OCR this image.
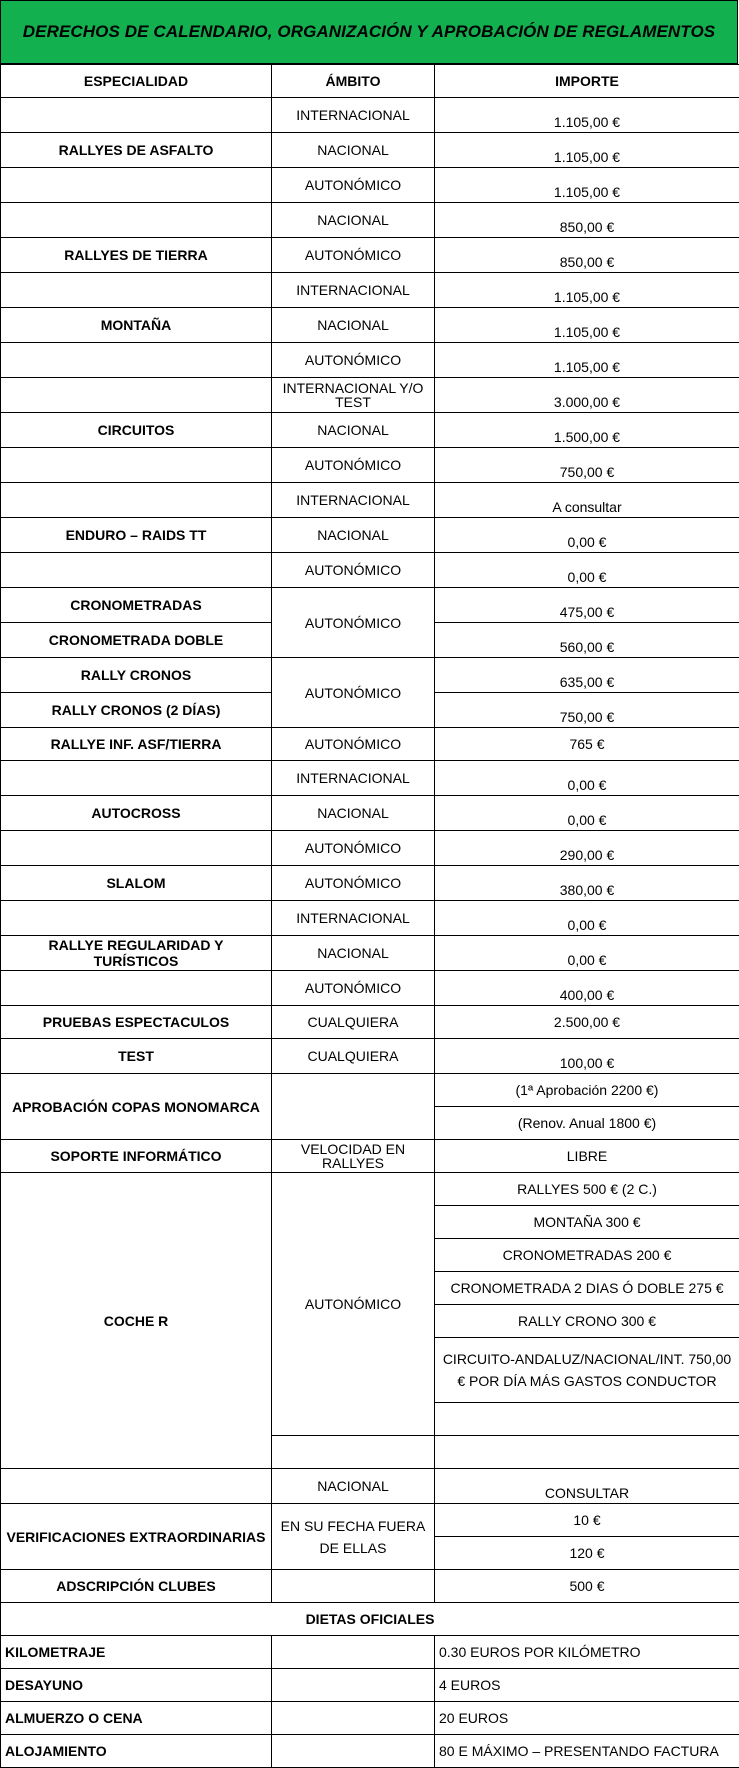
DERECHOS DE CALENDARIO, ORGANIZACIÓN Y APROBACIÓN DE REGLAMENTOS
ESPECIALIDAD	ÁMBITO	IMPORTE
	INTERNACIONAL	1.105,00 €
RALLYES DE ASFALTO	NACIONAL	1.105,00 €
	AUTONÓMICO	1.105,00 €
	NACIONAL	850,00 €
RALLYES DE TIERRA	AUTONÓMICO	850,00 €
	INTERNACIONAL	1.105,00 €
MONTAÑA	NACIONAL	1.105,00 €
	AUTONÓMICO	1.105,00 €
	INTERNACIONAL Y/O TEST	3.000,00 €
CIRCUITOS	NACIONAL	1.500,00 €
	AUTONÓMICO	750,00 €
	INTERNACIONAL	A consultar
ENDURO – RAIDS TT	NACIONAL	0,00 €
	AUTONÓMICO	0,00 €
CRONOMETRADAS	AUTONÓMICO	475,00 €
CRONOMETRADA DOBLE		560,00 €
RALLY CRONOS	AUTONÓMICO	635,00 €
RALLY CRONOS (2 DÍAS)		750,00 €
RALLYE INF. ASF/TIERRA	AUTONÓMICO	765 €
	INTERNACIONAL	0,00 €
AUTOCROSS	NACIONAL	0,00 €
	AUTONÓMICO	290,00 €
SLALOM	AUTONÓMICO	380,00 €
	INTERNACIONAL	0,00 €
RALLYE REGULARIDAD Y TURÍSTICOS	NACIONAL	0,00 €
	AUTONÓMICO	400,00 €
PRUEBAS ESPECTACULOS	CUALQUIERA	2.500,00 €
TEST	CUALQUIERA	100,00 €
APROBACIÓN COPAS MONOMARCA		(1ª Aprobación 2200 €)
		(Renov. Anual 1800 €)
SOPORTE INFORMÁTICO	VELOCIDAD EN RALLYES	LIBRE
COCHE R	AUTONÓMICO	RALLYES 500 € (2 C.)
		MONTAÑA 300 €
		CRONOMETRADAS 200 €
		CRONOMETRADA 2 DIAS Ó DOBLE 275 €
		RALLY CRONO 300 €
		CIRCUITO-ANDALUZ/NACIONAL/INT. 750,00 € POR DÍA MÁS GASTOS CONDUCTOR

	NACIONAL	CONSULTAR
VERIFICACIONES EXTRAORDINARIAS	EN SU FECHA FUERA DE ELLAS	10 €
		120 €
ADSCRIPCIÓN CLUBES		500 €
DIETAS OFICIALES		
KILOMETRAJE		0.30 EUROS POR KILÓMETRO
DESAYUNO		4 EUROS
ALMUERZO O CENA		20 EUROS
ALOJAMIENTO		80 E MÁXIMO – PRESENTANDO FACTURA
